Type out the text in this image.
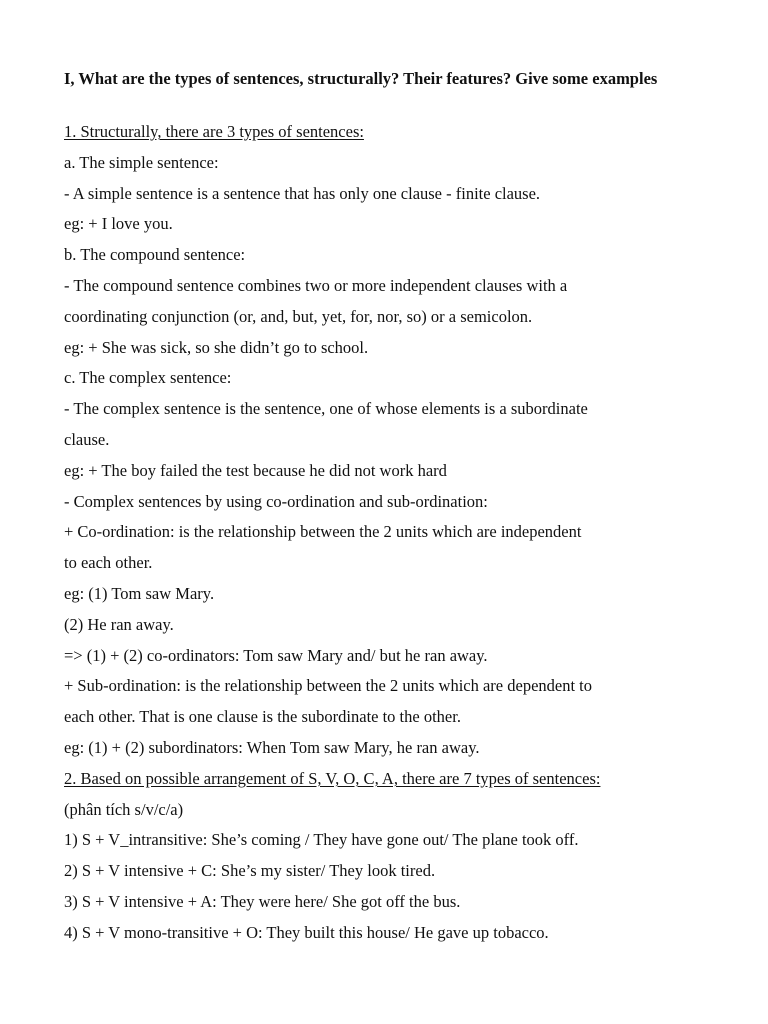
I, What are the types of sentences, structurally? Their features? Give some examples

1. Structurally, there are 3 types of sentences:

a. The simple sentence:

- A simple sentence is a sentence that has only one clause - finite clause.

eg: + I love you.

b. The compound sentence:

- The compound sentence combines two or more independent clauses with a

coordinating conjunction (or, and, but, yet, for, nor, so) or a semicolon.

eg: + She was sick, so she didn’t go to school.

c. The complex sentence:

- The complex sentence is the sentence, one of whose elements is a subordinate

clause.

eg: + The boy failed the test because he did not work hard

- Complex sentences by using co-ordination and sub-ordination:

+ Co-ordination: is the relationship between the 2 units which are independent

to each other.

eg: (1) Tom saw Mary.

(2) He ran away.

=> (1) + (2) co-ordinators: Tom saw Mary and/ but he ran away.

+ Sub-ordination: is the relationship between the 2 units which are dependent to

each other. That is one clause is the subordinate to the other.

eg: (1) + (2) subordinators: When Tom saw Mary, he ran away.

2. Based on possible arrangement of S, V, O, C, A, there are 7 types of sentences:

(phân tích s/v/c/a)

1) S + V_intransitive: She’s coming / They have gone out/ The plane took off.

2) S + V intensive + C: She’s my sister/ They look tired.

3) S + V intensive + A: They were here/ She got off the bus.

4) S + V mono-transitive + O: They built this house/ He gave up tobacco.
